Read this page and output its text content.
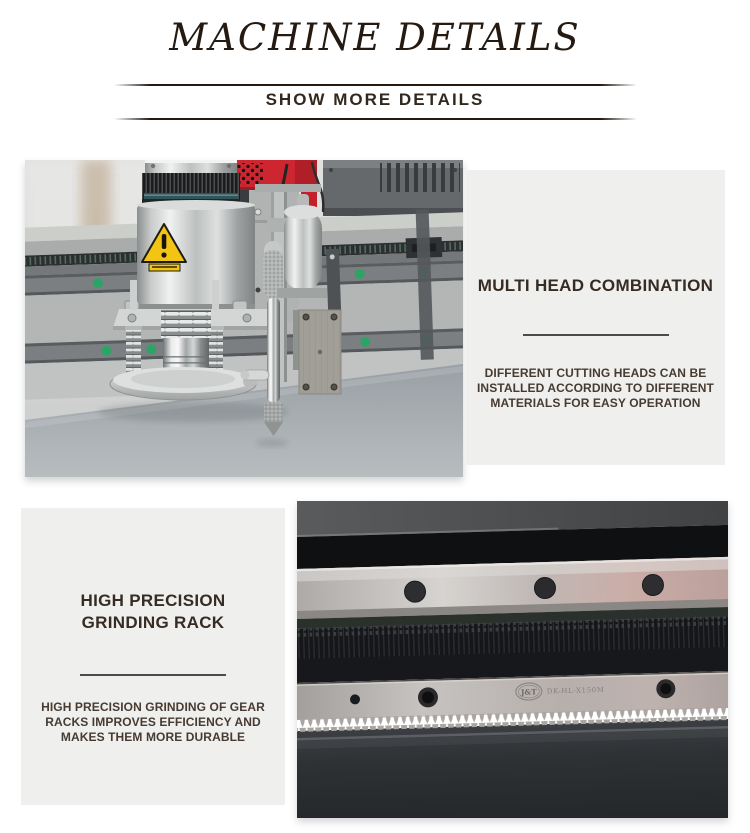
MACHINE DETAILS
SHOW MORE DETAILS
MULTI HEAD COMBINATION

DIFFERENT CUTTING HEADS CAN BE
INSTALLED ACCORDING TO DIFFERENT
MATERIALS FOR EASY OPERATION

HIGH PRECISION
GRINDING RACK

HIGH PRECISION GRINDING OF GEAR
RACKS IMPROVES EFFICIENCY AND
MAKES THEM MORE DURABLE

J&T DK-HL-X150M
